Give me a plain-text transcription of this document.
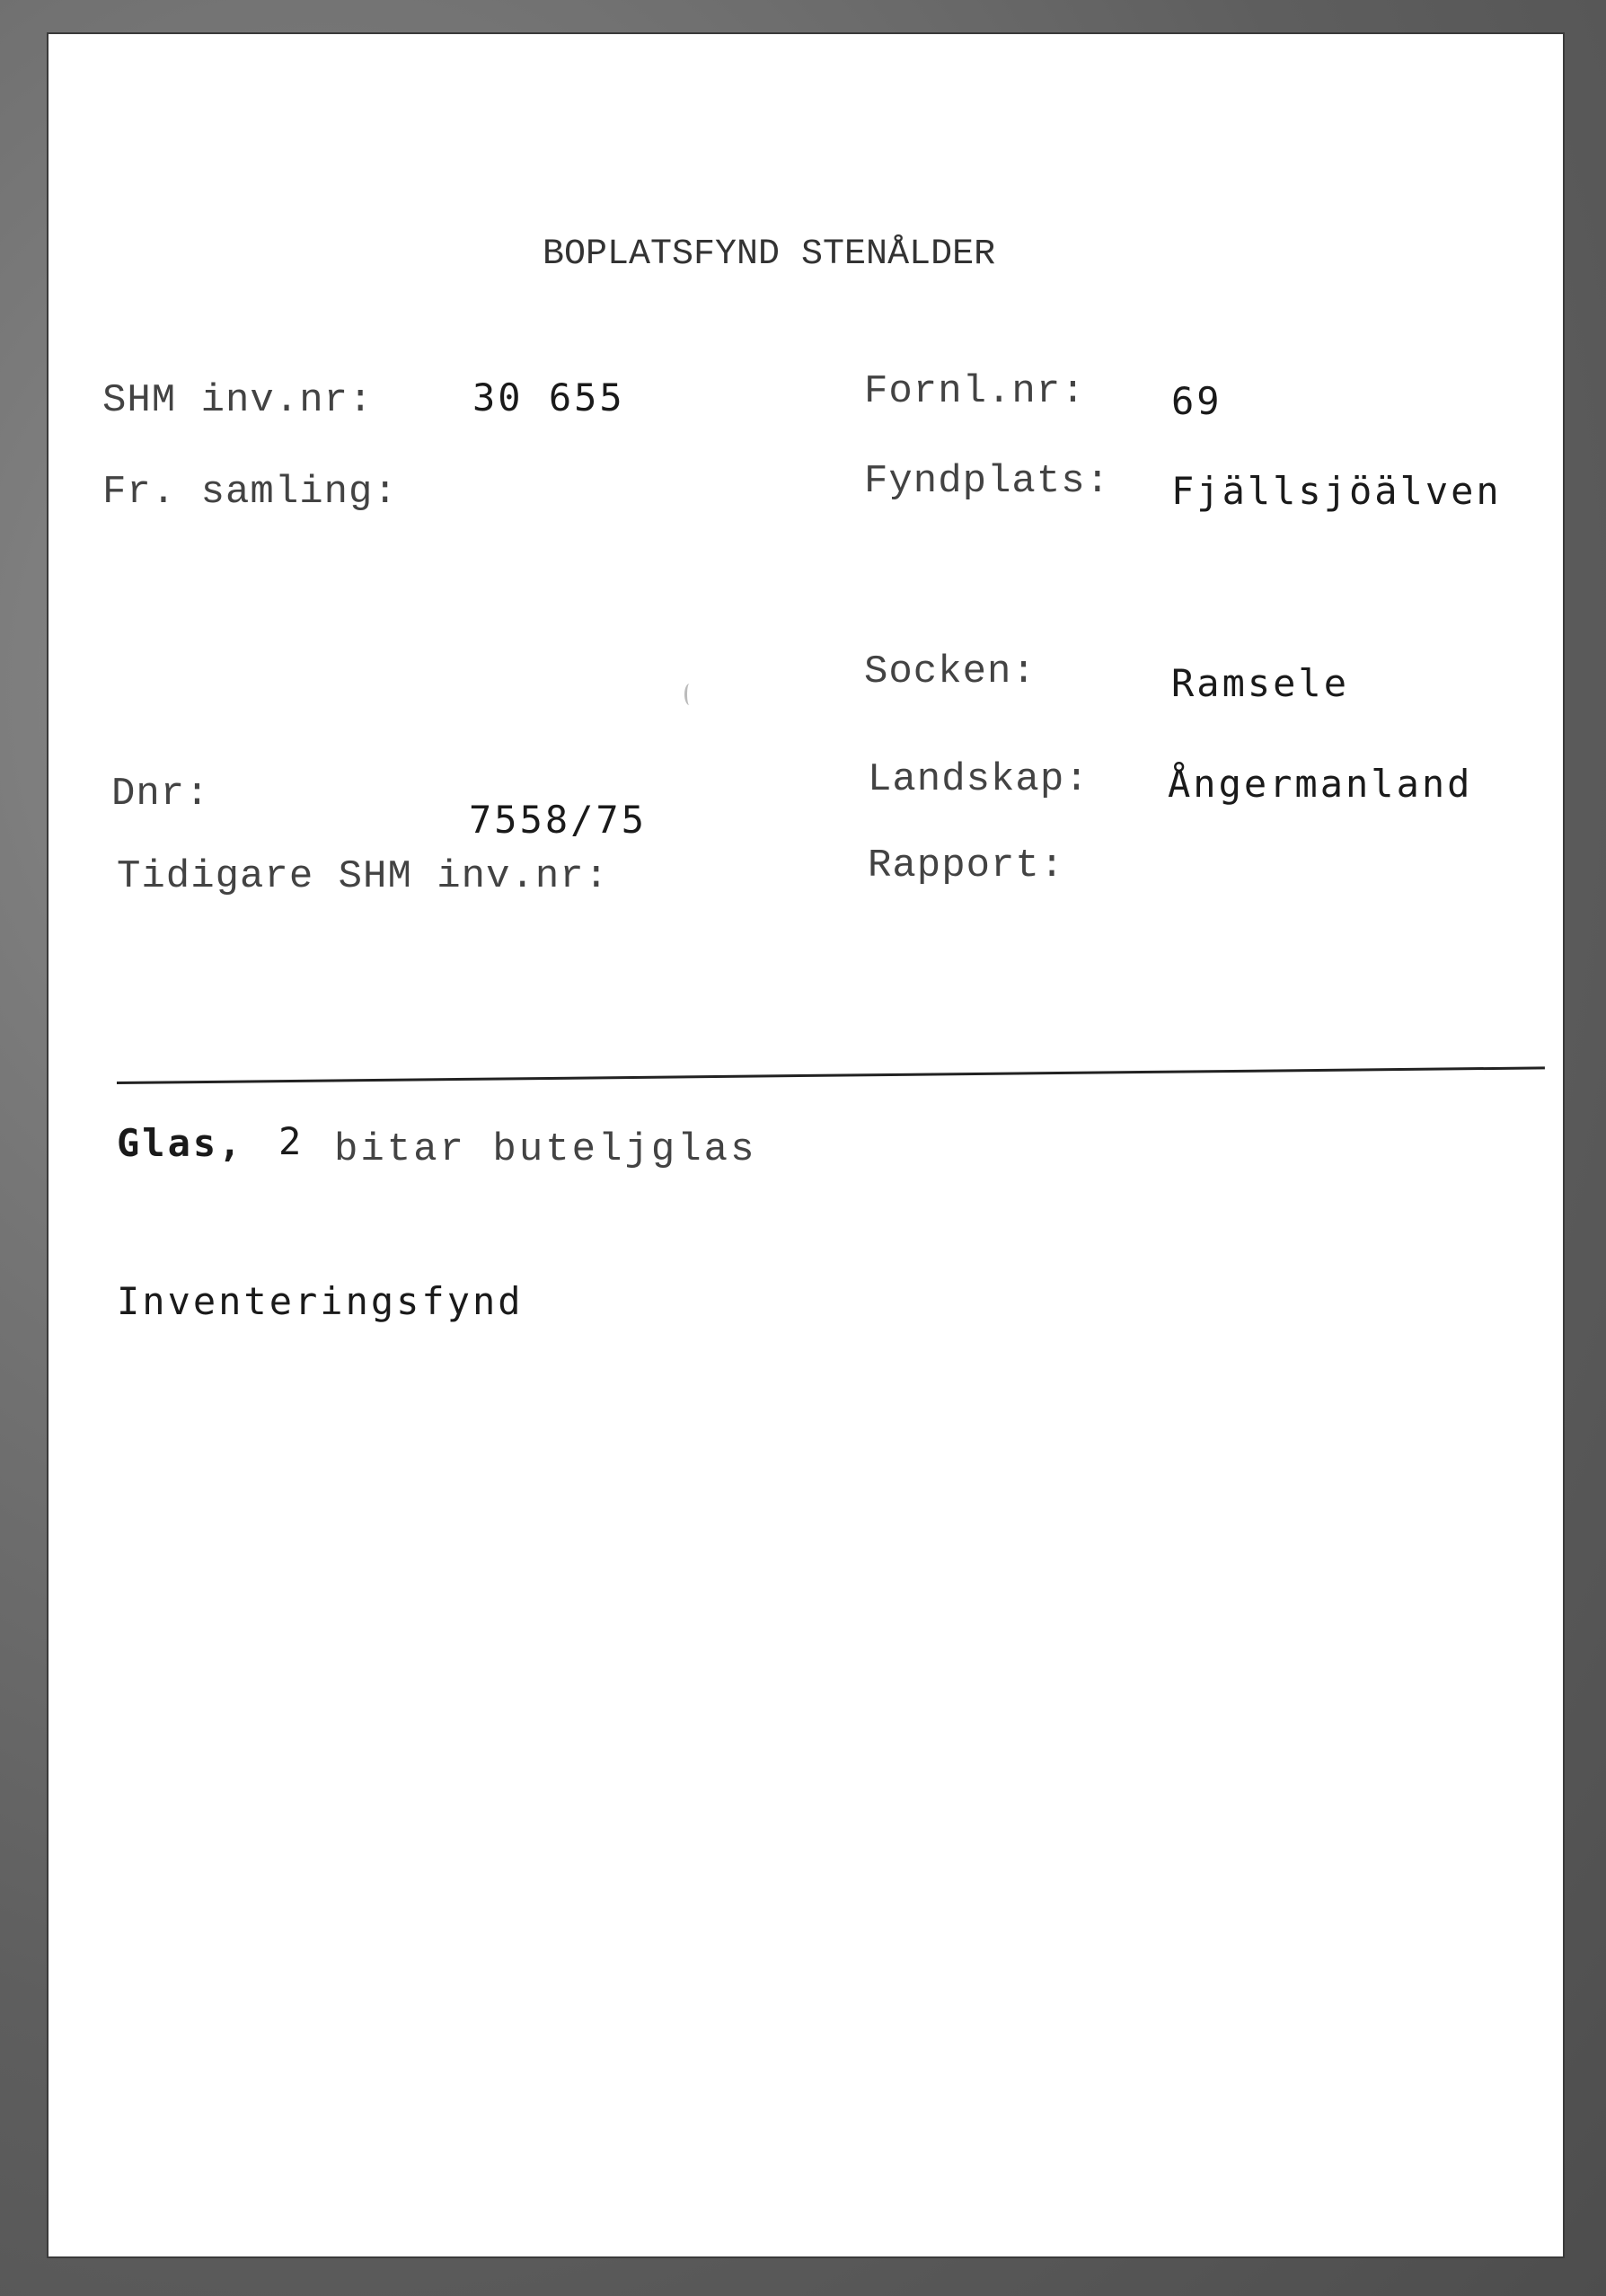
BOPLATSFYND STENÅLDER
SHM inv.nr:	30 655	Fornl.nr: 69
Fr. samling:	Fyndplats: Fjällsjöälven
Socken:	Ramsele
Dnr:
7558/75
Landskap: Ångermanland
Tidigare SHM inv.nr:	Rapport:
Glas, 2 bitar buteljglas
Inventeringsfynd
